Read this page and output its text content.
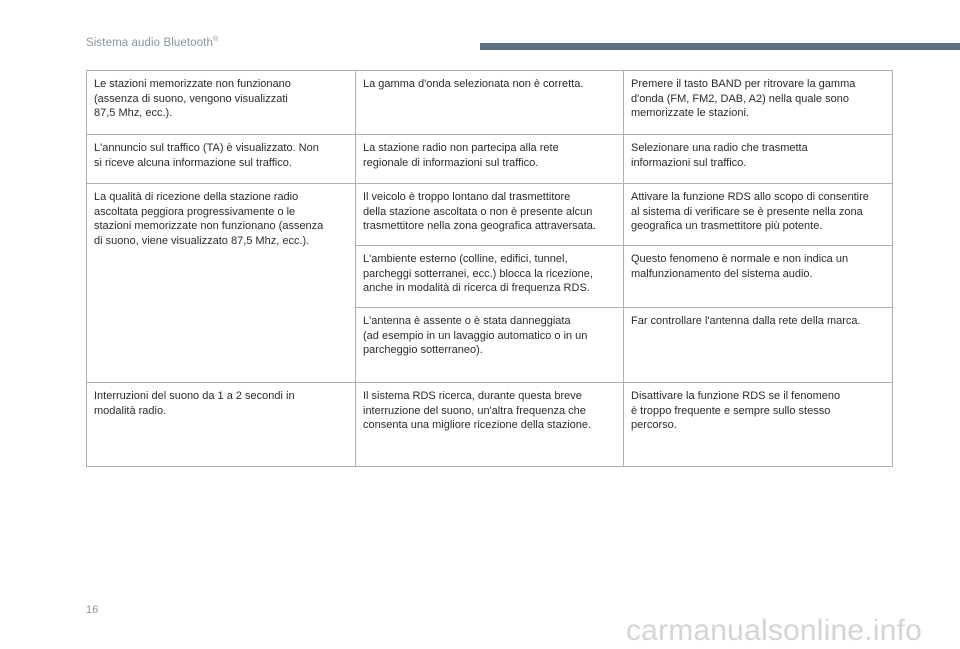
Sistema audio Bluetooth®
Le stazioni memorizzate non funzionano
(assenza di suono, vengono visualizzati
87,5 Mhz, ecc.).	La gamma d'onda selezionata non è corretta.	Premere il tasto BAND per ritrovare la gamma
d'onda (FM, FM2, DAB, A2) nella quale sono
memorizzate le stazioni.
L'annuncio sul traffico (TA) è visualizzato. Non
si riceve alcuna informazione sul traffico.	La stazione radio non partecipa alla rete
regionale di informazioni sul traffico.	Selezionare una radio che trasmetta
informazioni sul traffico.
La qualità di ricezione della stazione radio
ascoltata peggiora progressivamente o le
stazioni memorizzate non funzionano (assenza
di suono, viene visualizzato 87,5 Mhz, ecc.).	Il veicolo è troppo lontano dal trasmettitore
della stazione ascoltata o non è presente alcun
trasmettitore nella zona geografica attraversata.	Attivare la funzione RDS allo scopo di consentire
al sistema di verificare se è presente nella zona
geografica un trasmettitore più potente.
	L'ambiente esterno (colline, edifici, tunnel,
parcheggi sotterranei, ecc.) blocca la ricezione,
anche in modalità di ricerca di frequenza RDS.	Questo fenomeno è normale e non indica un
malfunzionamento del sistema audio.
	L'antenna è assente o è stata danneggiata
(ad esempio in un lavaggio automatico o in un
parcheggio sotterraneo).	Far controllare l'antenna dalla rete della marca.
Interruzioni del suono da 1 a 2 secondi in
modalità radio.	Il sistema RDS ricerca, durante questa breve
interruzione del suono, un'altra frequenza che
consenta una migliore ricezione della stazione.	Disattivare la funzione RDS se il fenomeno
è troppo frequente e sempre sullo stesso
percorso.
16
carmanualsonline.info
